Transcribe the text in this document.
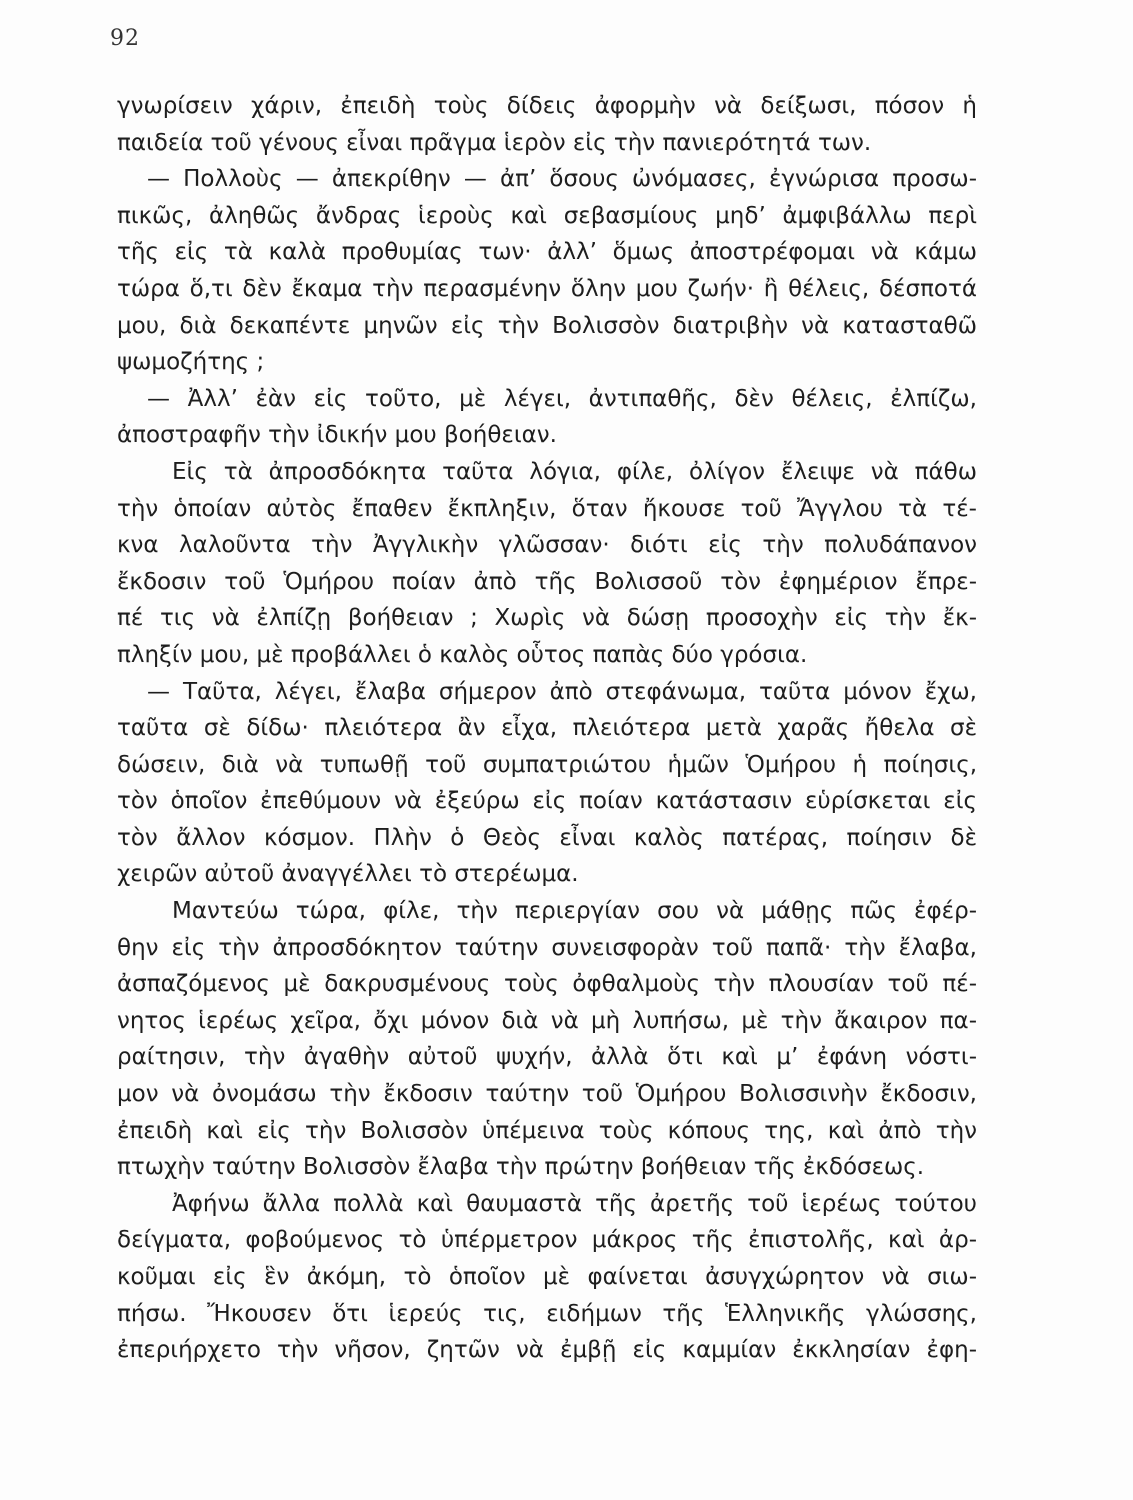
92
γνωρίσειν χάριν, ἐπειδὴ τοὺς δίδεις ἀφορμὴν νὰ δείξωσι, πόσον ἡ
παιδεία τοῦ γένους εἶναι πρᾶγμα ἱερὸν εἰς τὴν πανιερότητά των.
— Πολλοὺς — ἀπεκρίθην — ἀπ’ ὅσους ὠνόμασες, ἐγνώρισα προσω-
πικῶς, ἀληθῶς ἄνδρας ἱεροὺς καὶ σεβασμίους μηδ’ ἀμφιβάλλω περὶ
τῆς εἰς τὰ καλὰ προθυμίας των· ἀλλ’ ὅμως ἀποστρέφομαι νὰ κάμω
τώρα ὅ,τι δὲν ἔκαμα τὴν περασμένην ὅλην μου ζωήν· ἢ θέλεις, δέσποτά
μου, διὰ δεκαπέντε μηνῶν εἰς τὴν Βολισσὸν διατριβὴν νὰ κατασταθῶ
ψωμοζήτης ;
— Ἀλλ’ ἐὰν εἰς τοῦτο, μὲ λέγει, ἀντιπαθῆς, δὲν θέλεις, ἐλπίζω,
ἀποστραφῆν τὴν ἰδικήν μου βοήθειαν.
Εἰς τὰ ἀπροσδόκητα ταῦτα λόγια, φίλε, ὀλίγον ἔλειψε νὰ πάθω
τὴν ὁποίαν αὐτὸς ἔπαθεν ἔκπληξιν, ὅταν ἤκουσε τοῦ Ἄγγλου τὰ τέ-
κνα λαλοῦντα τὴν Ἀγγλικὴν γλῶσσαν· διότι εἰς τὴν πολυδάπανον
ἔκδοσιν τοῦ Ὁμήρου ποίαν ἀπὸ τῆς Βολισσοῦ τὸν ἐφημέριον ἔπρε-
πέ τις νὰ ἐλπίζῃ βοήθειαν ; Χωρὶς νὰ δώσῃ προσοχὴν εἰς τὴν ἔκ-
πληξίν μου, μὲ προβάλλει ὁ καλὸς οὗτος παπὰς δύο γρόσια.
— Ταῦτα, λέγει, ἔλαβα σήμερον ἀπὸ στεφάνωμα, ταῦτα μόνον ἔχω,
ταῦτα σὲ δίδω· πλειότερα ἂν εἶχα, πλειότερα μετὰ χαρᾶς ἤθελα σὲ
δώσειν, διὰ νὰ τυπωθῇ τοῦ συμπατριώτου ἡμῶν Ὁμήρου ἡ ποίησις,
τὸν ὁποῖον ἐπεθύμουν νὰ ἐξεύρω εἰς ποίαν κατάστασιν εὑρίσκεται εἰς
τὸν ἄλλον κόσμον. Πλὴν ὁ Θεὸς εἶναι καλὸς πατέρας, ποίησιν δὲ
χειρῶν αὐτοῦ ἀναγγέλλει τὸ στερέωμα.
Μαντεύω τώρα, φίλε, τὴν περιεργίαν σου νὰ μάθῃς πῶς ἐφέρ-
θην εἰς τὴν ἀπροσδόκητον ταύτην συνεισφορὰν τοῦ παπᾶ· τὴν ἔλαβα,
ἀσπαζόμενος μὲ δακρυσμένους τοὺς ὀφθαλμοὺς τὴν πλουσίαν τοῦ πέ-
νητος ἱερέως χεῖρα, ὄχι μόνον διὰ νὰ μὴ λυπήσω, μὲ τὴν ἄκαιρον πα-
ραίτησιν, τὴν ἀγαθὴν αὐτοῦ ψυχήν, ἀλλὰ ὅτι καὶ μ’ ἐφάνη νόστι-
μον νὰ ὀνομάσω τὴν ἔκδοσιν ταύτην τοῦ Ὁμήρου Βολισσινὴν ἔκδοσιν,
ἐπειδὴ καὶ εἰς τὴν Βολισσὸν ὑπέμεινα τοὺς κόπους της, καὶ ἀπὸ τὴν
πτωχὴν ταύτην Βολισσὸν ἔλαβα τὴν πρώτην βοήθειαν τῆς ἐκδόσεως.
Ἀφήνω ἄλλα πολλὰ καὶ θαυμαστὰ τῆς ἀρετῆς τοῦ ἱερέως τούτου
δείγματα, φοβούμενος τὸ ὑπέρμετρον μάκρος τῆς ἐπιστολῆς, καὶ ἀρ-
κοῦμαι εἰς ἓν ἀκόμη, τὸ ὁποῖον μὲ φαίνεται ἀσυγχώρητον νὰ σιω-
πήσω. Ἤκουσεν ὅτι ἱερεύς τις, ειδήμων τῆς Ἑλληνικῆς γλώσσης,
ἐπεριήρχετο τὴν νῆσον, ζητῶν νὰ ἐμβῇ εἰς καμμίαν ἐκκλησίαν ἐφη-
